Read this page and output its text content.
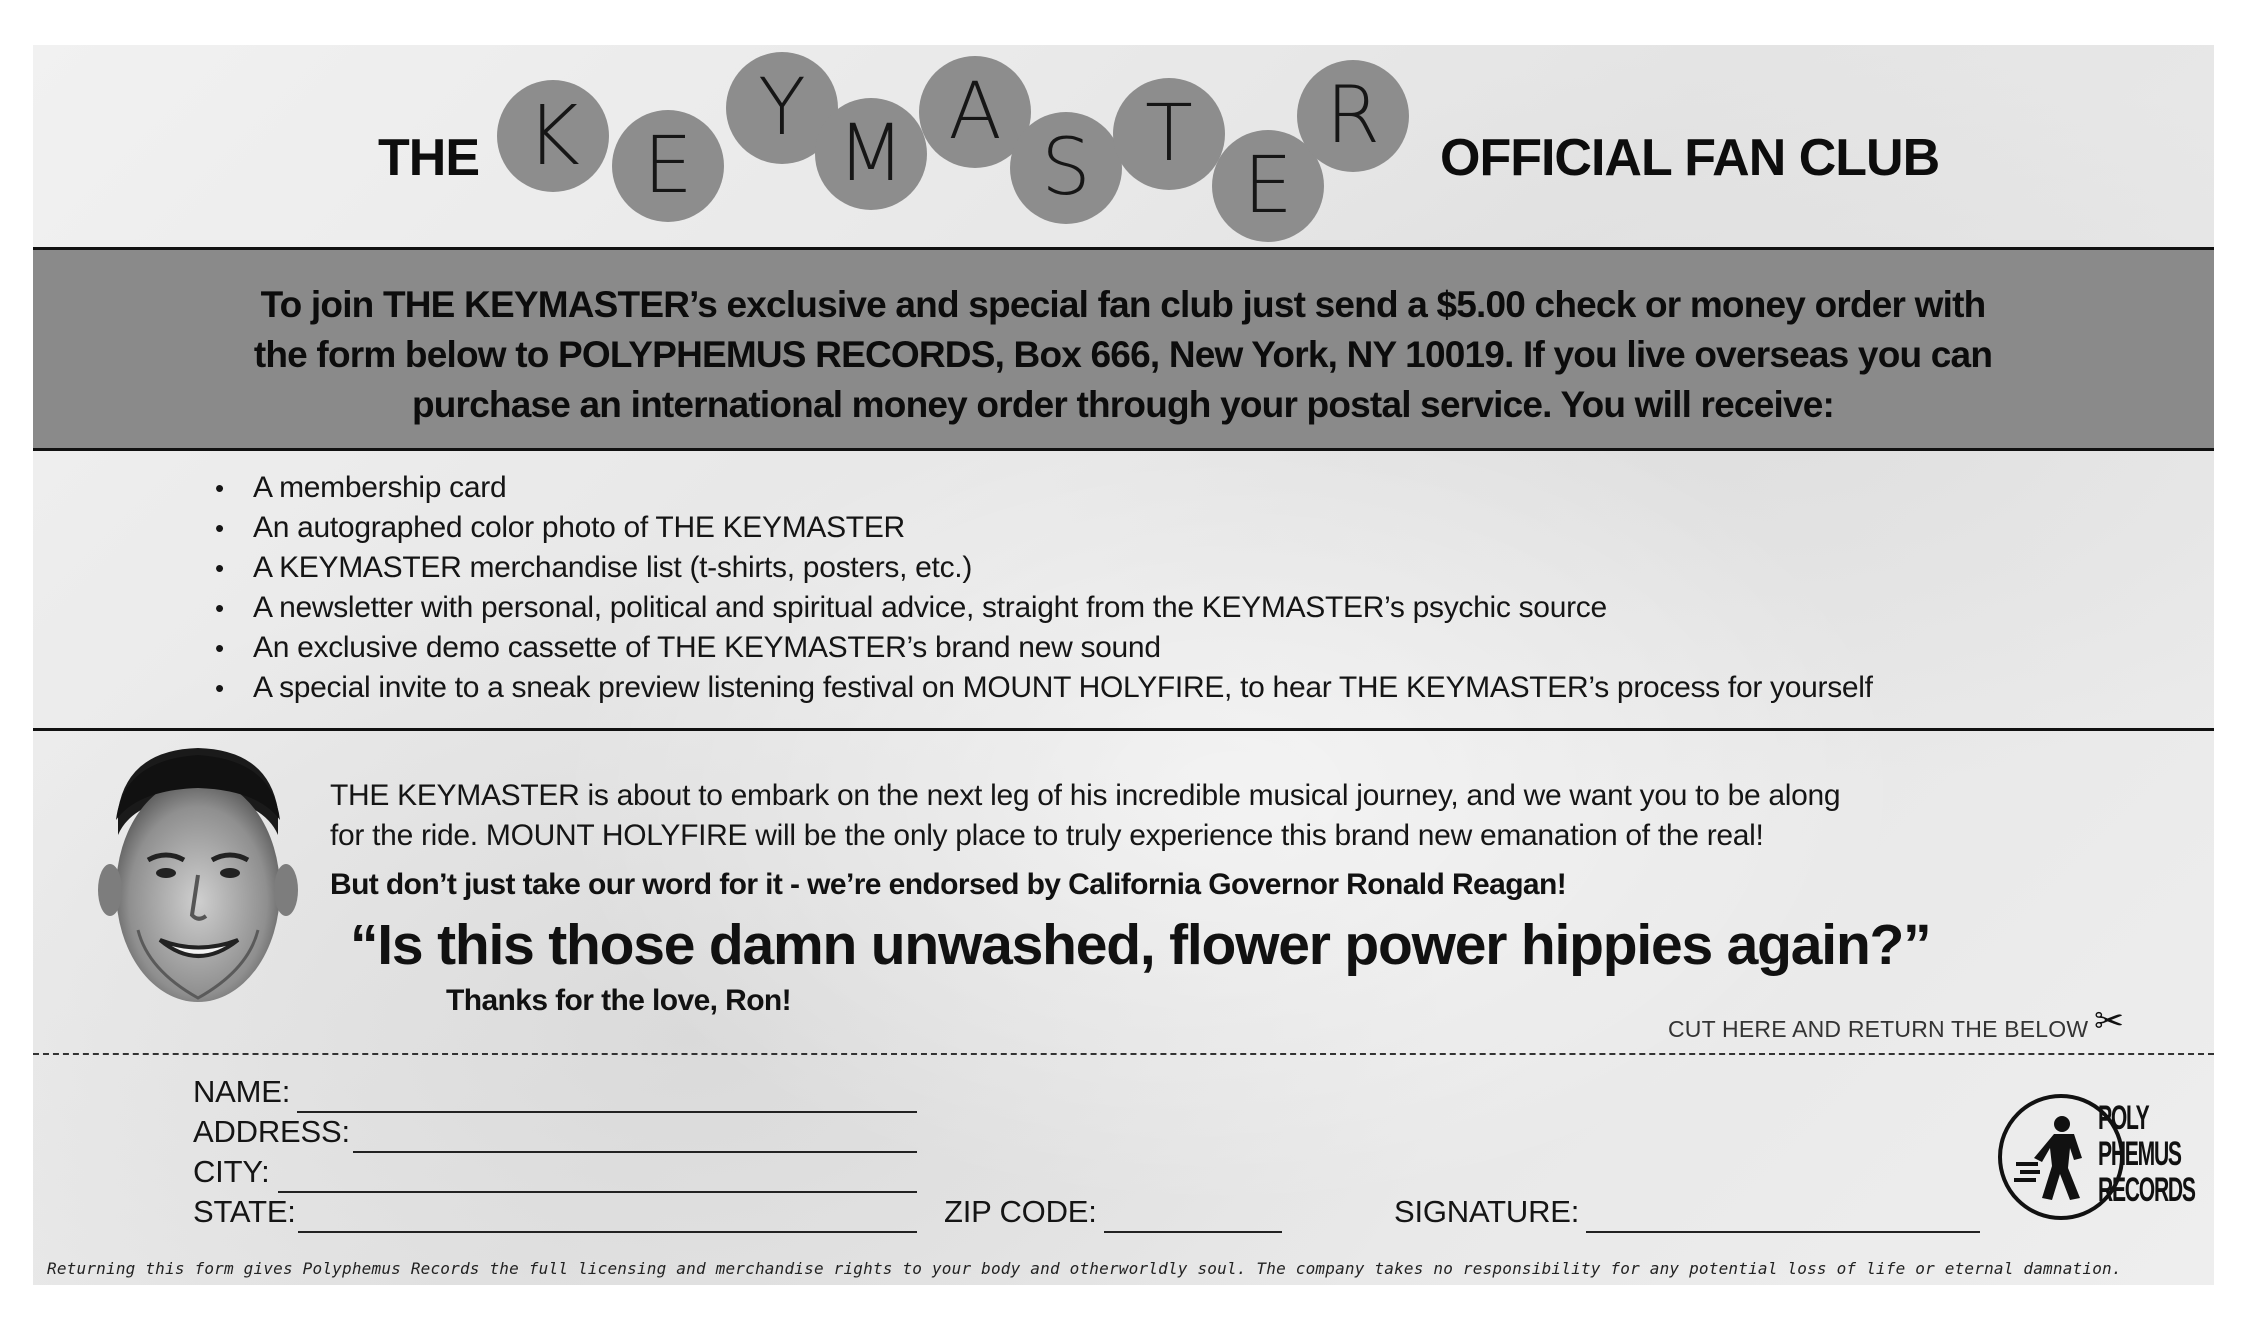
THE K E
Y
M A
S T
E
R	OFFICIAL FAN CLUB
To join THE KEYMASTER’s exclusive and special fan club just send a $5.00 check or money order with
the form below to POLYPHEMUS RECORDS, Box 666, New York, NY 10019. If you live overseas you can
purchase an international money order through your postal service. You will receive:
• A membership card
• An autographed color photo of THE KEYMASTER
• A KEYMASTER merchandise list (t-shirts, posters, etc.)
• A newsletter with personal, political and spiritual advice, straight from the KEYMASTER’s psychic source
• An exclusive demo cassette of THE KEYMASTER’s brand new sound
• A special invite to a sneak preview listening festival on MOUNT HOLYFIRE, to hear THE KEYMASTER’s process for yourself
THE KEYMASTER is about to embark on the next leg of his incredible musical journey, and we want you to be along
for the ride. MOUNT HOLYFIRE will be the only place to truly experience this brand new emanation of the real!
But don’t just take our word for it - we’re endorsed by California Governor Ronald Reagan!
“Is this those damn unwashed, flower power hippies again?”
Thanks for the love, Ron!
CUT HERE AND RETURN THE BELOW ✂
NAME:
ADDRESS:
CITY:
STATE:	ZIP CODE:	SIGNATURE:
POLY
PHEMUS
RECORDS
Returning this form gives Polyphemus Records the full licensing and merchandise rights to your body and otherworldly soul. The company takes no responsibility for any potential loss of life or eternal damnation.
